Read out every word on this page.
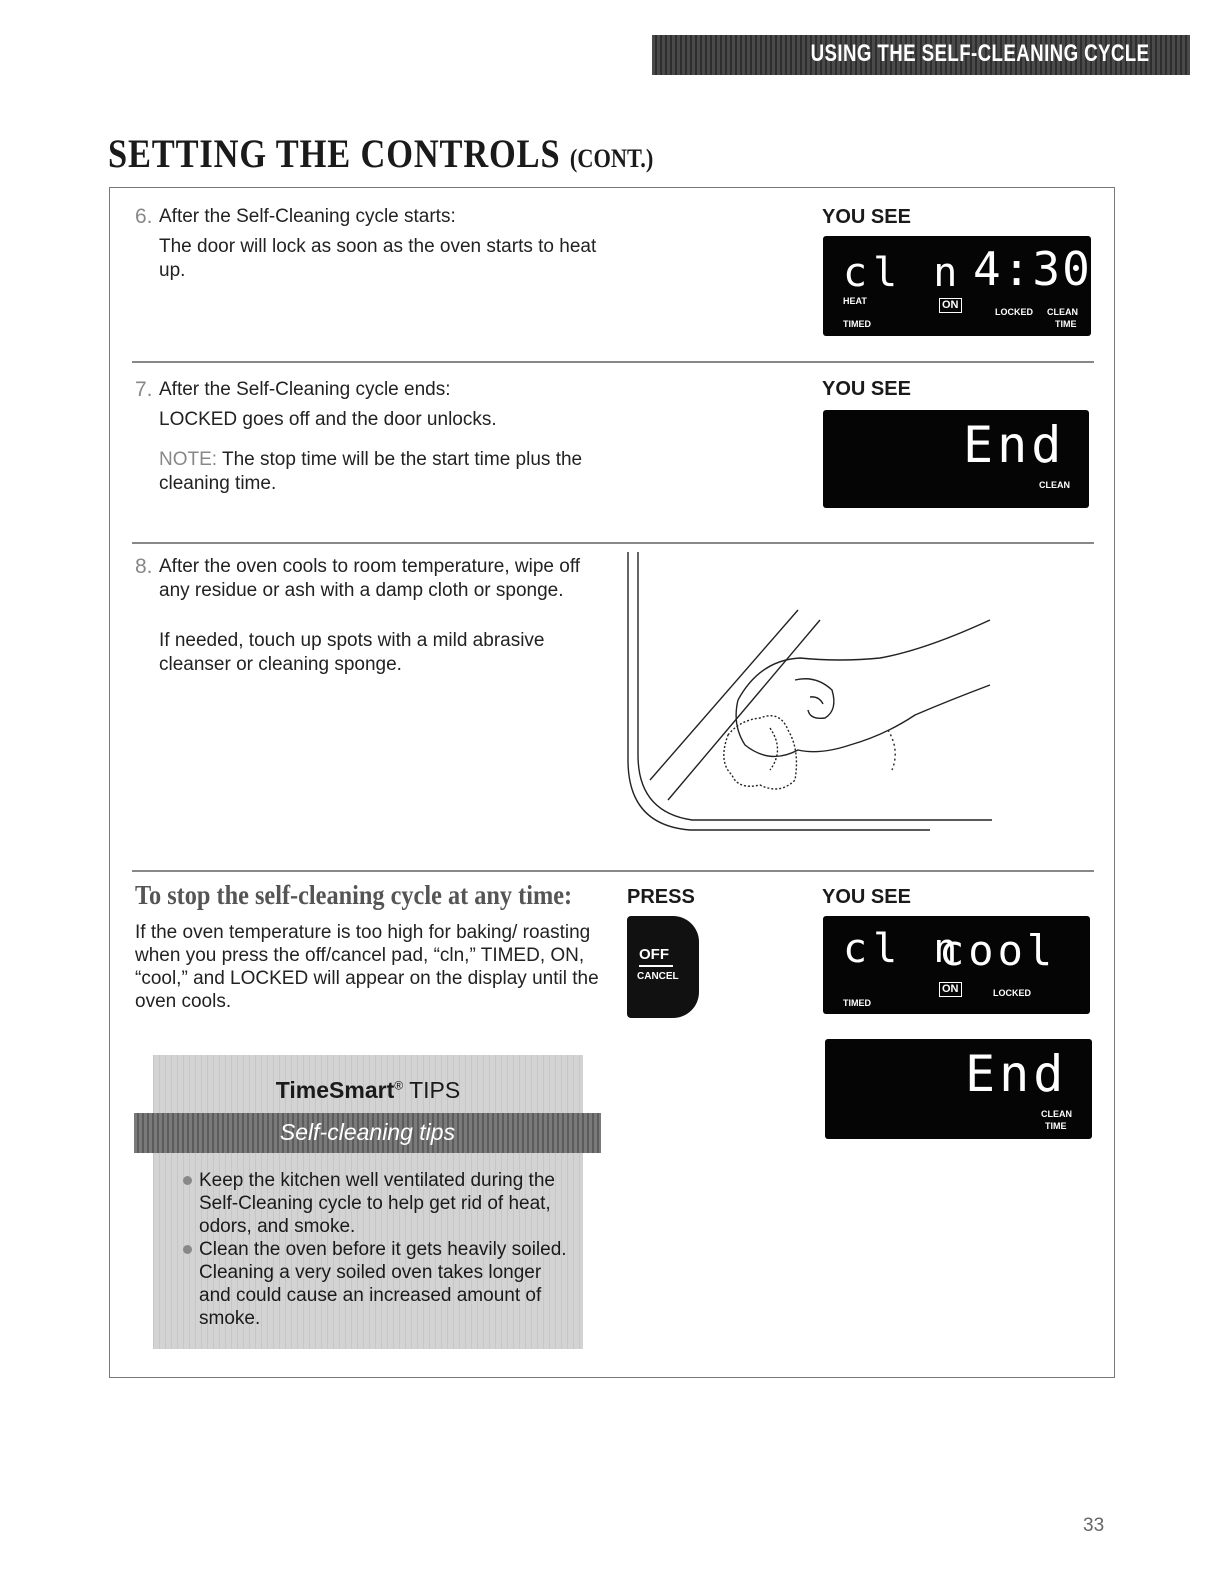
USING THE SELF-CLEANING CYCLE
SETTING THE CONTROLS (CONT.)
6. After the Self-Cleaning cycle starts:
The door will lock as soon as the oven starts to heat up.
YOU SEE
cl n 4:30
HEAT
TIMED
ON
LOCKED CLEAN
TIME
7. After the Self-Cleaning cycle ends:
LOCKED goes off and the door unlocks.
NOTE: The stop time will be the start time plus the cleaning time.
YOU SEE
End
CLEAN
8. After the oven cools to room temperature, wipe off any residue or ash with a damp cloth or sponge.
If needed, touch up spots with a mild abrasive cleanser or cleaning sponge.
To stop the self-cleaning cycle at any time:
If the oven temperature is too high for baking/ roasting when you press the off/cancel pad, “cln,” TIMED, ON, “cool,” and LOCKED will appear on the display until the oven cools.
PRESS
OFF
CANCEL
YOU SEE
cl n
cool
ON	LOCKED
TIMED
End
CLEAN
TIME
TimeSmart® TIPS
Keep the kitchen well ventilated during the Self-Cleaning cycle to help get rid of heat, odors, and smoke.
Clean the oven before it gets heavily soiled. Cleaning a very soiled oven takes longer and could cause an increased amount of smoke.
Self-cleaning tips
33
